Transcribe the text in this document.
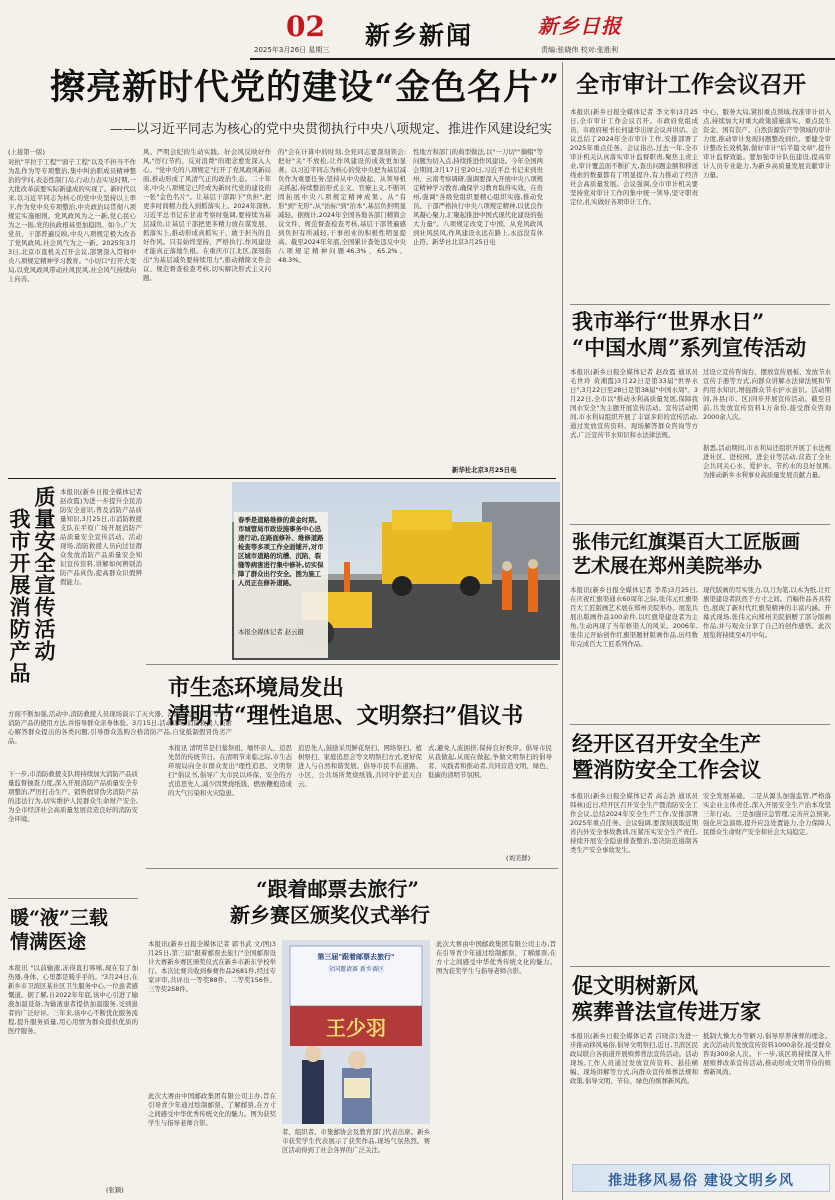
02
2025年3月26日 星期三 新乡新闻	新乡日报
责编:张晓伟 校对:张胜利
擦亮新时代党的建设“金色名片”
——以习近平同志为核心的党中央贯彻执行中央八项规定、推进作风建设纪实
(上接第一版)
对抗"平拉于工程""面子工程"以及不担当不作为乱作为等专项整治,集中纠治职成员精神整治的学问,表态性制门岛,行动力表实见时期,一大批改革前要实际新建成的实现了。新时代以来,以习近平同志为核心的党中央坚持以上率下,作为党中央专项整治,中央政治局贯彻八项规定实施细则。党风政风为之一新,党心民心为之一振,党的执政根基更加稳固。如今,广大党员、干部普遍反映,中央八项规定极大改善了党风政风,社会风气为之一新。2025年3月3日,北京市直机关召开会议,部署深入贯彻中央八项规定精神学习教育。"小切口"打开大变局,以党风政风带动社风民风,社会风气持续向上向善。
风、严明会纪的生动实践。好会风反映好作风,"厉行节约、反对浪费"的理念愈发深入人心。"党中央的八项规定"打开了党风政风新局面,推动形成了风清气正的政治生态。二十年来,中央八项规定已经成为新时代党的建设的一张"金色名片"。让基层干部卸下"负担",把更多时间精力投入到抓落实上。2024年深秋,习近平总书记在甘肃考察时强调,要持续为基层减负,让基层干部把更多精力放在谋发展、抓落实上,推动形成真抓实干、敢于担当的良好作风。只有始终坚持、严格执行,作风建设才能真正落地生根。在重庆市江北区,深刻指出"为基层减负要持续用力",推动精简文件会议、规范督查检查考核,切实解决形式主义问题。
的"会在计算中的时刻,全党同志要深刻领会:把好"关"不放松,让作风建设的成效更加显著。以习近平同志为核心的党中央把为基层减负作为重要任务,坚持从中央做起、从领导机关抓起,持续整治形式主义、官僚主义,不断巩固拓展中央八项规定精神成果。从"有形"到"无形",从"治标"到"治本",基层负担明显减轻。据统计,2024年全国各地各部门精简会议文件、规范督查检查考核,基层干部普遍感到负担有所减轻,干事创业的积极性明显提高。截至2024年年底,全国累计查处违反中央八项规定精神问题46.3%、65.2%、48.3%。
性地方和部门的典型做法,以"一刀切""摘帽"等问题为切入点,持续推进作风建设。今年全国两会期间,3月17日至20日,习近平总书记来到贵州、云南考察调研,强调要深入开展中央八项规定精神学习教育,确保学习教育取得实效。在贵州,强调"各级党组织要精心组织实施,推动党员、干部严格执行中央八项规定精神,以优良作风凝心聚力,汇聚起推进中国式现代化建设的强大力量"。八项规定改变了中国。从党风政风到社风民风,作风建设永远在路上,永远没有休止符。新华社北京3月25日电
新华社北京3月25日电
全市审计工作会议召开
本报讯(新乡日报全媒体记者 李文举)3月25日,全市审计工作会议召开。市政府党组成员、市政府秘书长何建华出席会议并讲话。会议总结了2024年全市审计工作,安排部署了2025年重点任务。会议指出,过去一年,全市审计机关认真落实审计监督职责,聚焦主责主业,审计覆盖面不断扩大,查出问题金额和移送线索的数量都有了明显提升,有力推动了经济社会高质量发展。会议强调,全市审计机关要坚持党对审计工作的集中统一领导,坚守职责定位,扎实做好各项审计工作。
中心、服务大局,紧扣重点领域,找准审计切入点,持续加大对重大政策措施落实、重点民生资金、国有资产、自然资源资产等领域的审计力度,推动审计发现问题整改到位。要健全审计整改长效机制,做好审计"后半篇文章",提升审计监督效能。要加强审计队伍建设,提高审计人员专业能力,为新乡高质量发展贡献审计力量。
我市举行“世界水日”
“中国水周”系列宣传活动
本报讯(新乡日报全媒体记者 赵改霞 通讯员 毛世玲 黄湘霞)3月22日是第33届"世界水日",3月22日至28日是第38届"中国水周"。3月22日,全市以"推动水利高质量发展,保障我国水安全"为主题开展宣传活动。宣传活动期间,市水利局组织开展了丰富多彩的宣传活动,通过发放宣传资料、现场解答群众咨询等方式,广泛宣传节水知识和水法律法规。
过设立宣传咨询台、摆放宣传展板、发放节水宣传手册等方式,向群众讲解水法律法规和节约用水知识,增强群众节水护水意识。活动期间,各县(市、区)同步开展宣传活动。截至目前,共发放宣传资料1万余份,接受群众咨询2000余人次。
据悉,活动期间,市水利局还组织开展了水法规进社区、进校园、进企业等活动,营造了全社会共同关心水、爱护水、节约水的良好氛围,为推动新乡水利事业高质量发展贡献力量。
我市开展消防产品 质量安全宣传活动 本报讯(新乡日报全媒体记者 赵改霞)为进一步提升全民消防安全意识,普及消防产品质量知识,3月25日,市消防救援支队在平原广场开展消防产品质量安全宣传活动。活动现场,消防救援人员向过往群众发放消防产品质量安全知识宣传资料,讲解如何辨别消防产品真伪,提高群众识假辨假能力。
方面不断加强,活动中,消防救援人员现场演示了灭火器、消防应急照明灯等常用消防产品的使用方法,并指导群众亲身体验。3月15日,活动现场,消防救援人员耐心解答群众提出的各类问题,引导群众选购合格消防产品,自觉抵制假冒伪劣产品。
下一步,市消防救援支队将持续加大消防产品质量监督抽查力度,深入开展消防产品质量安全专项整治,严厉打击生产、销售假冒伪劣消防产品的违法行为,切实维护人民群众生命财产安全,为全市经济社会高质量发展营造良好的消防安全环境。
春季是道路维修的黄金时期。市城管局市政设施事务中心迅速行动,在路面修补、维修道路检查等多项工作全面铺开,对市区城市道路的坑槽、沉陷、裂缝等病害进行集中修补,切实保障了群众出行安全。图为施工人员正在修补道路。
本报全媒体记者 赵云摄
市生态环境局发出
清明节“理性追思、文明祭扫”倡议书
本报讯 清明节是扫墓祭祖、缅怀亲人、追思先贤的传统节日。在清明节来临之际,市生态环境局向全市群众发出"理性追思、文明祭扫"倡议书,倡导广大市民以环保、安全的方式追思先人,减少因焚烧纸钱、燃放鞭炮造成的大气污染和火灾隐患。
追思先人,鼓励采用鲜花祭扫、网络祭扫、植树祭扫、家庭追思会等文明祭扫方式,更好促进人与自然和谐发展。倡导市民不在道路、小区、公共场所焚烧纸钱,共同守护蓝天白云。
式,避免人流拥挤,保持良好秩序。倡导市民从我做起,从现在做起,争做文明祭扫的倡导者、实践者和推动者,共同营造文明、绿色、低碳的清明节氛围。
(刘美群)
暖“液”三载
情满医途
本报讯 "以前输液,冻得直打哆嗦,现在有了加热器,身体、心里都是暖乎乎的。"3月24日,在新乡市卫滨区某社区卫生服务中心,一位患者感慨道。据了解,自2022年年底,该中心引进了输液加温设备,为输液患者提供加温服务,受到患者的广泛好评。三年来,该中心不断优化服务流程,提升服务质量,用心用情为群众提供优质的医疗服务。
(张颖)
“跟着邮票去旅行”
新乡赛区颁奖仪式举行
本报讯(新乡日报全媒体记者 郭书武 文/图)3月25日,第三届"跟着邮票去旅行"全国邮票设计大赛新乡赛区颁奖仪式在新乡市新东学校举行。本次比赛共收到参赛作品2681件,经过专家评审,共评出一等奖88件、二等奖156件、三等奖258件。
此次大赛由中国邮政集团有限公司主办,旨在引导青少年通过绘制邮票、了解邮票,在方寸之间感受中华优秀传统文化的魅力。图为获奖学生与指导老师合影。
第三届"跟着邮票去旅行"
全国邀请赛 新乡赛区
王少羽
者、组织者、市集邮协会及教育部门代表出席。新乡市获奖学生代表展示了获奖作品,现场气氛热烈。赛区活动得到了社会各界的广泛关注。
此次大赛由中国邮政集团有限公司主办,旨在引导青少年通过绘制邮票、了解邮票,在方寸之间感受中华优秀传统文化的魅力。图为获奖学生与指导老师合影。
张伟元红旗渠百大工匠版画
艺术展在郑州美院举办
本报讯(新乡日报全媒体记者 李希)3月25日,在庆祝红旗渠通水60周年之际,张伟元红旗渠百大工匠版画艺术展在郑州美院举办。展览共展出版画作品100余件,以红旗渠建设者为主角,生动再现了当年修渠人的风采。2006年,张伟元开始创作红旗渠题材版画作品,历经数年完成百大工匠系列作品。
现代版画的写实张力,以刀为笔,以木为纸,让红旗渠建设者跃然于方寸之间。百幅作品各具特色,展现了新时代红旗渠精神的丰富内涵。开幕式现场,张伟元向郑州美院捐赠了部分版画作品,并与观众分享了自己的创作感悟。此次展览将持续至4月中旬。
经开区召开安全生产
暨消防安全工作会议
本报讯(新乡日报全媒体记者 高志浩 通讯员 韩林)近日,经开区召开安全生产暨消防安全工作会议,总结2024年安全生产工作,安排部署2025年重点任务。会议强调,要深刻汲取近期省内外安全事故教训,压紧压实安全生产责任,持续开展安全隐患排查整治,坚决防范遏制各类生产安全事故发生。
安全发展基础。二是从源头加强监管,严格落实企业主体责任,深入开展安全生产治本攻坚三年行动。三是加强应急管理,完善应急预案,强化应急演练,提升应急处置能力,全力保障人民群众生命财产安全和社会大局稳定。
促文明树新风
殡葬普法宣传进万家
本报讯(新乡日报全媒体记者 吕晓彦)为进一步推动移风易俗,倡导文明祭扫,近日,卫滨区民政局联合各街道开展殡葬普法宣传活动。活动现场,工作人员通过发放宣传资料、悬挂横幅、现场讲解等方式,向群众宣传殡葬法规和政策,倡导文明、节俭、绿色的殡葬新风尚。
抵制大操大办等陋习,倡导厚养薄葬的理念。此次活动共发放宣传资料1000余份,接受群众咨询300余人次。下一步,该区将持续深入开展殡葬改革宣传活动,推动形成文明节俭的殡葬新风尚。
推进移风易俗 建设文明乡风
